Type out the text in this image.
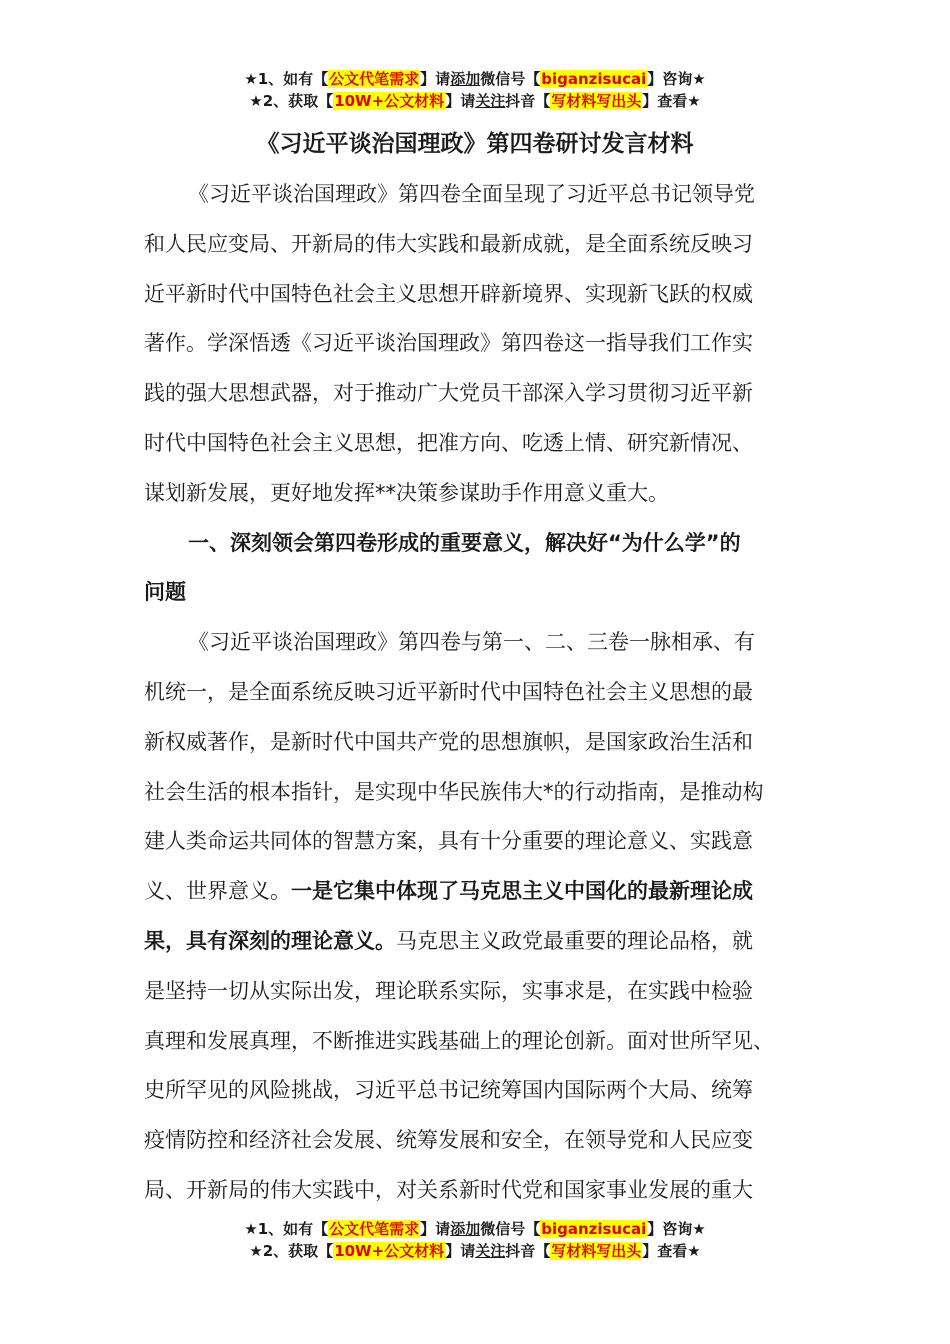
★1、如有【公文代笔需求】请添加微信号【biganzisucai】咨询★
★2、获取【10W+公文材料】请关注抖音【写材料写出头】查看★
《习近平谈治国理政》第四卷研讨发言材料
《习近平谈治国理政》第四卷全面呈现了习近平总书记领导党
和人民应变局、开新局的伟大实践和最新成就，是全面系统反映习
近平新时代中国特色社会主义思想开辟新境界、实现新飞跃的权威
著作。学深悟透《习近平谈治国理政》第四卷这一指导我们工作实
践的强大思想武器，对于推动广大党员干部深入学习贯彻习近平新
时代中国特色社会主义思想，把准方向、吃透上情、研究新情况、
谋划新发展，更好地发挥**决策参谋助手作用意义重大。
一、深刻领会第四卷形成的重要意义，解决好“为什么学”的
问题
《习近平谈治国理政》第四卷与第一、二、三卷一脉相承、有
机统一，是全面系统反映习近平新时代中国特色社会主义思想的最
新权威著作，是新时代中国共产党的思想旗帜，是国家政治生活和
社会生活的根本指针，是实现中华民族伟大*的行动指南，是推动构
建人类命运共同体的智慧方案，具有十分重要的理论意义、实践意
义、世界意义。一是它集中体现了马克思主义中国化的最新理论成
果，具有深刻的理论意义。马克思主义政党最重要的理论品格，就
是坚持一切从实际出发，理论联系实际，实事求是，在实践中检验
真理和发展真理，不断推进实践基础上的理论创新。面对世所罕见、
史所罕见的风险挑战，习近平总书记统筹国内国际两个大局、统筹
疫情防控和经济社会发展、统筹发展和安全，在领导党和人民应变
局、开新局的伟大实践中，对关系新时代党和国家事业发展的重大
★1、如有【公文代笔需求】请添加微信号【biganzisucai】咨询★
★2、获取【10W+公文材料】请关注抖音【写材料写出头】查看★
